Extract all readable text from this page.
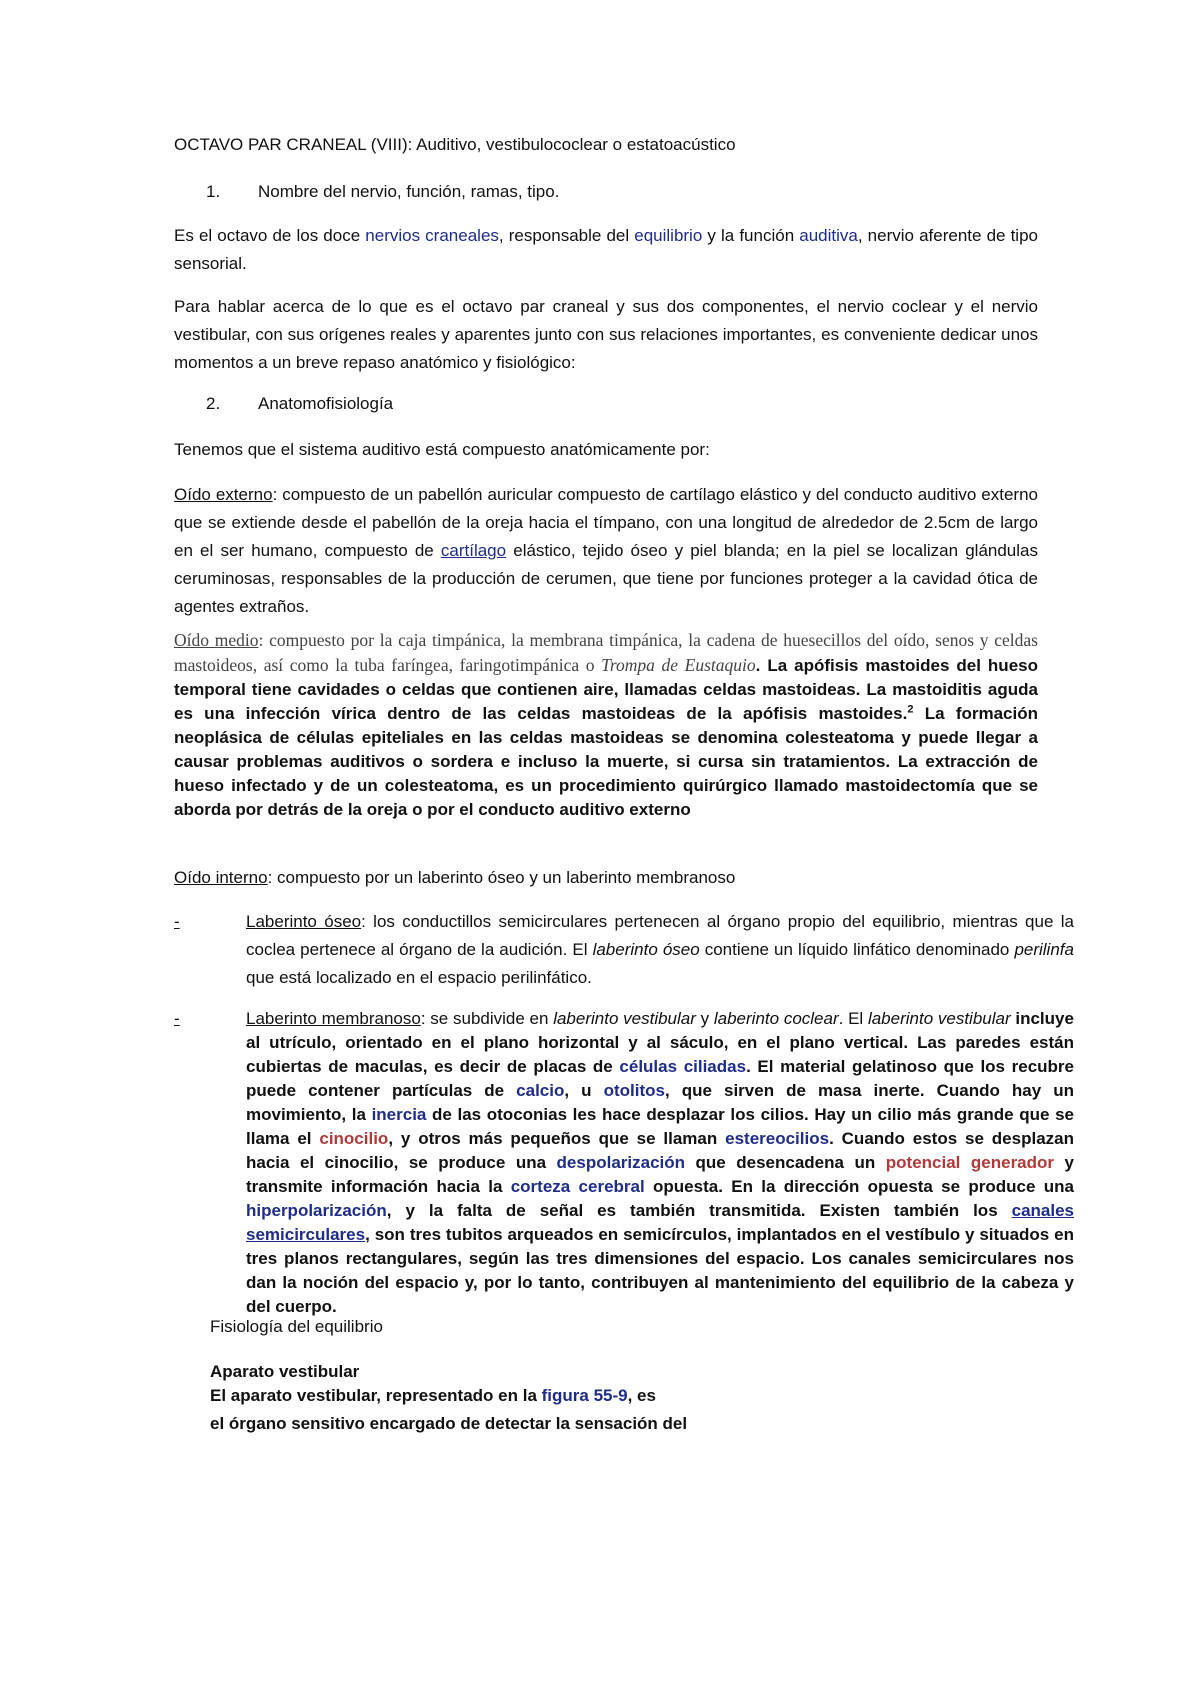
OCTAVO PAR CRANEAL (VIII): Auditivo, vestibulococlear o estatoacústico

1. Nombre del nervio, función, ramas, tipo.

Es el octavo de los doce nervios craneales, responsable del equilibrio y la función auditiva, nervio aferente de tipo sensorial.

Para hablar acerca de lo que es el octavo par craneal y sus dos componentes, el nervio coclear y el nervio vestibular, con sus orígenes reales y aparentes junto con sus relaciones importantes, es conveniente dedicar unos momentos a un breve repaso anatómico y fisiológico:

2. Anatomofisiología

Tenemos que el sistema auditivo está compuesto anatómicamente por:

Oído externo: compuesto de un pabellón auricular compuesto de cartílago elástico y del conducto auditivo externo que se extiende desde el pabellón de la oreja hacia el tímpano, con una longitud de alrededor de 2.5cm de largo en el ser humano, compuesto de cartílago elástico, tejido óseo y piel blanda; en la piel se localizan glándulas ceruminosas, responsables de la producción de cerumen, que tiene por funciones proteger a la cavidad ótica de agentes extraños.

Oído medio: compuesto por la caja timpánica, la membrana timpánica, la cadena de huesecillos del oído, senos y celdas mastoideos, así como la tuba faríngea, faringotimpánica o Trompa de Eustaquio. La apófisis mastoides del hueso temporal tiene cavidades o celdas que contienen aire, llamadas celdas mastoideas. La mastoiditis aguda es una infección vírica dentro de las celdas mastoideas de la apófisis mastoides.$^2$ La formación neoplásica de células epiteliales en las celdas mastoideas se denomina colesteatoma y puede llegar a causar problemas auditivos o sordera e incluso la muerte, si cursa sin tratamientos. La extracción de hueso infectado y de un colesteatoma, es un procedimiento quirúrgico llamado mastoidectomía que se aborda por detrás de la oreja o por el conducto auditivo externo

Oído interno: compuesto por un laberinto óseo y un laberinto membranoso

-	Laberinto óseo: los conductillos semicirculares pertenecen al órgano propio del equilibrio, mientras que la coclea pertenece al órgano de la audición. El laberinto óseo contiene un líquido linfático denominado perilinfa que está localizado en el espacio perilinfático.

-	Laberinto membranoso: se subdivide en laberinto vestibular y laberinto coclear. El laberinto vestibular incluye al utrículo, orientado en el plano horizontal y al sáculo, en el plano vertical. Las paredes están cubiertas de maculas, es decir de placas de células ciliadas. El material gelatinoso que los recubre puede contener partículas de calcio, u otolitos, que sirven de masa inerte. Cuando hay un movimiento, la inercia de las otoconias les hace desplazar los cilios. Hay un cilio más grande que se llama el cinocilio, y otros más pequeños que se llaman estereocilios. Cuando estos se desplazan hacia el cinocilio, se produce una despolarización que desencadena un potencial generador y transmite información hacia la corteza cerebral opuesta. En la dirección opuesta se produce una hiperpolarización, y la falta de señal es también transmitida. Existen también los canales semicirculares, son tres tubitos arqueados en semicírculos, implantados en el vestíbulo y situados en tres planos rectangulares, según las tres dimensiones del espacio. Los canales semicirculares nos dan la noción del espacio y, por lo tanto, contribuyen al mantenimiento del equilibrio de la cabeza y del cuerpo.

Fisiología del equilibrio

Aparato vestibular

El aparato vestibular, representado en la figura 55-9, es
el órgano sensitivo encargado de detectar la sensación del
